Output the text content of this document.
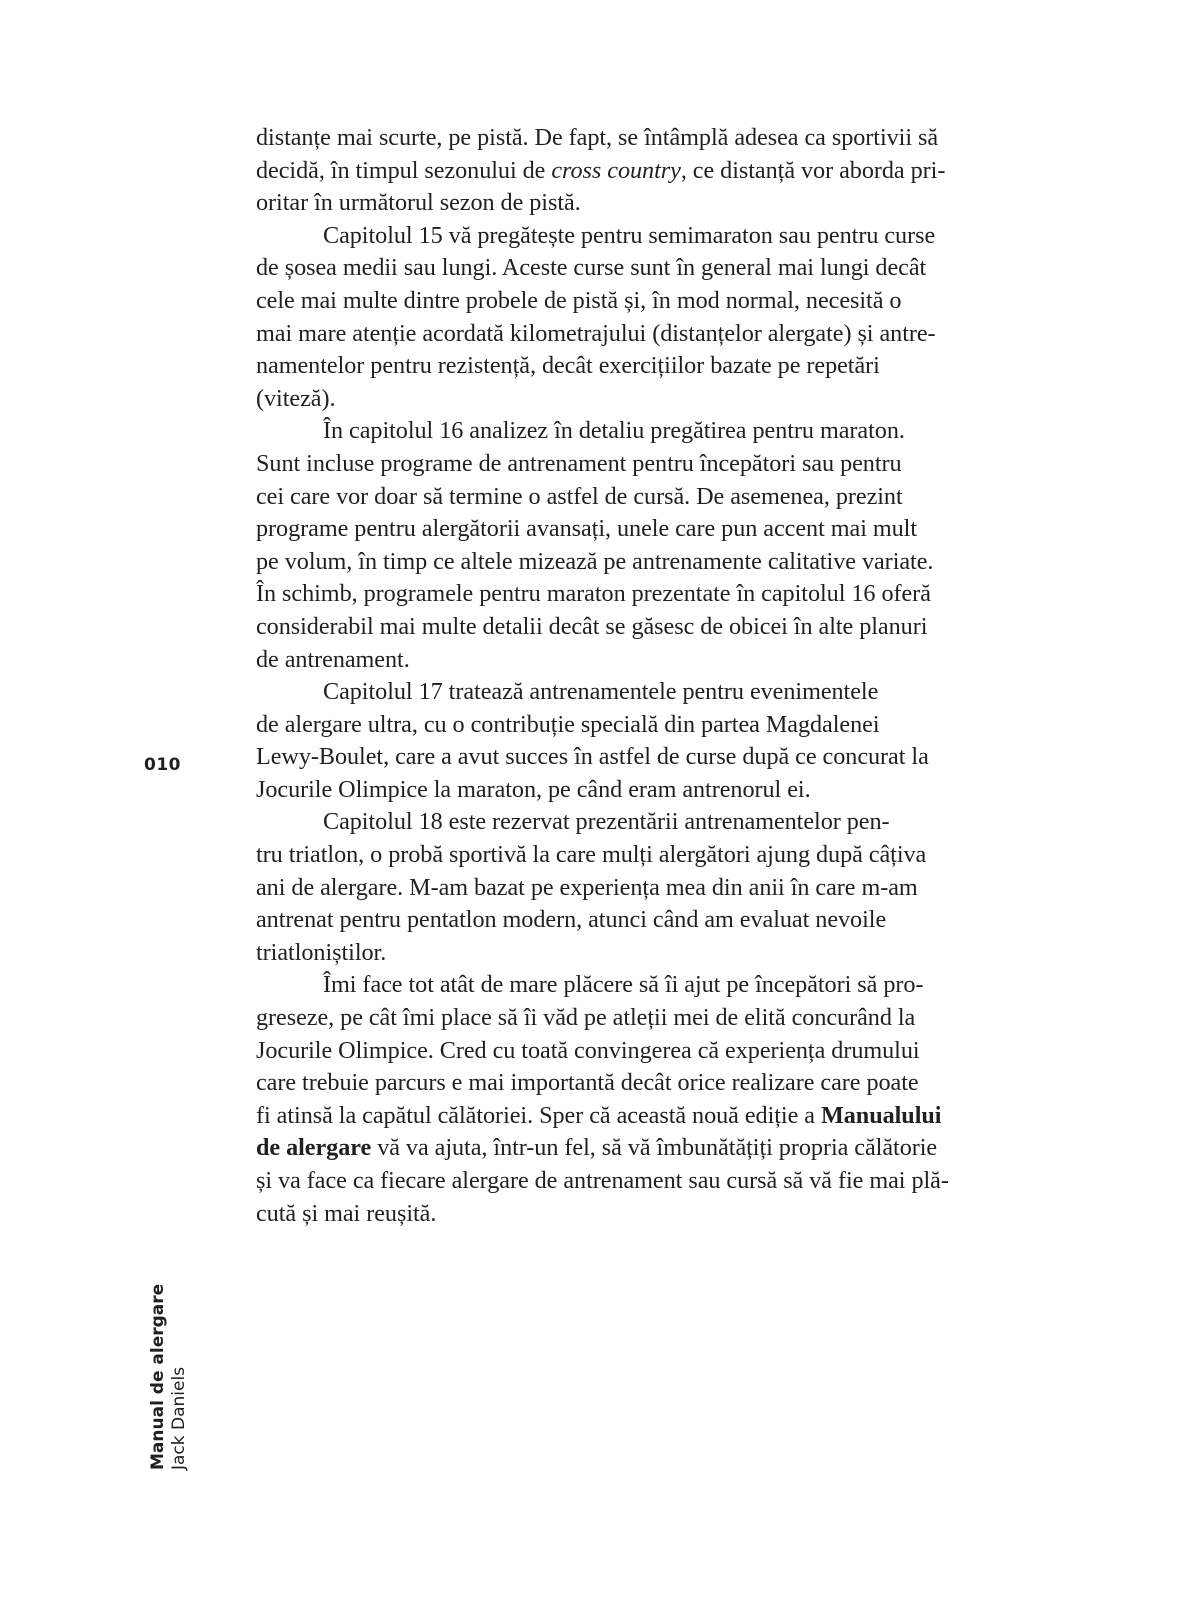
distanțe mai scurte, pe pistă. De fapt, se întâmplă adesea ca sportivii să
decidă, în timpul sezonului de cross country, ce distanță vor aborda pri-
oritar în următorul sezon de pistă.
Capitolul 15 vă pregătește pentru semimaraton sau pentru curse
de șosea medii sau lungi. Aceste curse sunt în general mai lungi decât
cele mai multe dintre probele de pistă și, în mod normal, necesită o
mai mare atenție acordată kilometrajului (distanțelor alergate) și antre-
namentelor pentru rezistență, decât exercițiilor bazate pe repetări
(viteză).
În capitolul 16 analizez în detaliu pregătirea pentru maraton.
Sunt incluse programe de antrenament pentru începători sau pentru
cei care vor doar să termine o astfel de cursă. De asemenea, prezint
programe pentru alergătorii avansați, unele care pun accent mai mult
pe volum, în timp ce altele mizează pe antrenamente calitative variate.
În schimb, programele pentru maraton prezentate în capitolul 16 oferă
considerabil mai multe detalii decât se găsesc de obicei în alte planuri
de antrenament.
Capitolul 17 tratează antrenamentele pentru evenimentele
de alergare ultra, cu o contribuție specială din partea Magdalenei
Lewy-Boulet, care a avut succes în astfel de curse după ce concurat la
Jocurile Olimpice la maraton, pe când eram antrenorul ei.
Capitolul 18 este rezervat prezentării antrenamentelor pen-
tru triatlon, o probă sportivă la care mulți alergători ajung după câțiva
ani de alergare. M-am bazat pe experiența mea din anii în care m-am
antrenat pentru pentatlon modern, atunci când am evaluat nevoile
triatloniștilor.
Îmi face tot atât de mare plăcere să îi ajut pe începători să pro-
greseze, pe cât îmi place să îi văd pe atleții mei de elită concurând la
Jocurile Olimpice. Cred cu toată convingerea că experiența drumului
care trebuie parcurs e mai importantă decât orice realizare care poate
fi atinsă la capătul călătoriei. Sper că această nouă ediție a Manualului
de alergare vă va ajuta, într-un fel, să vă îmbunătățiți propria călătorie
și va face ca fiecare alergare de antrenament sau cursă să vă fie mai plă-
cută și mai reușită.
010
Manual de alergare Jack Daniels
